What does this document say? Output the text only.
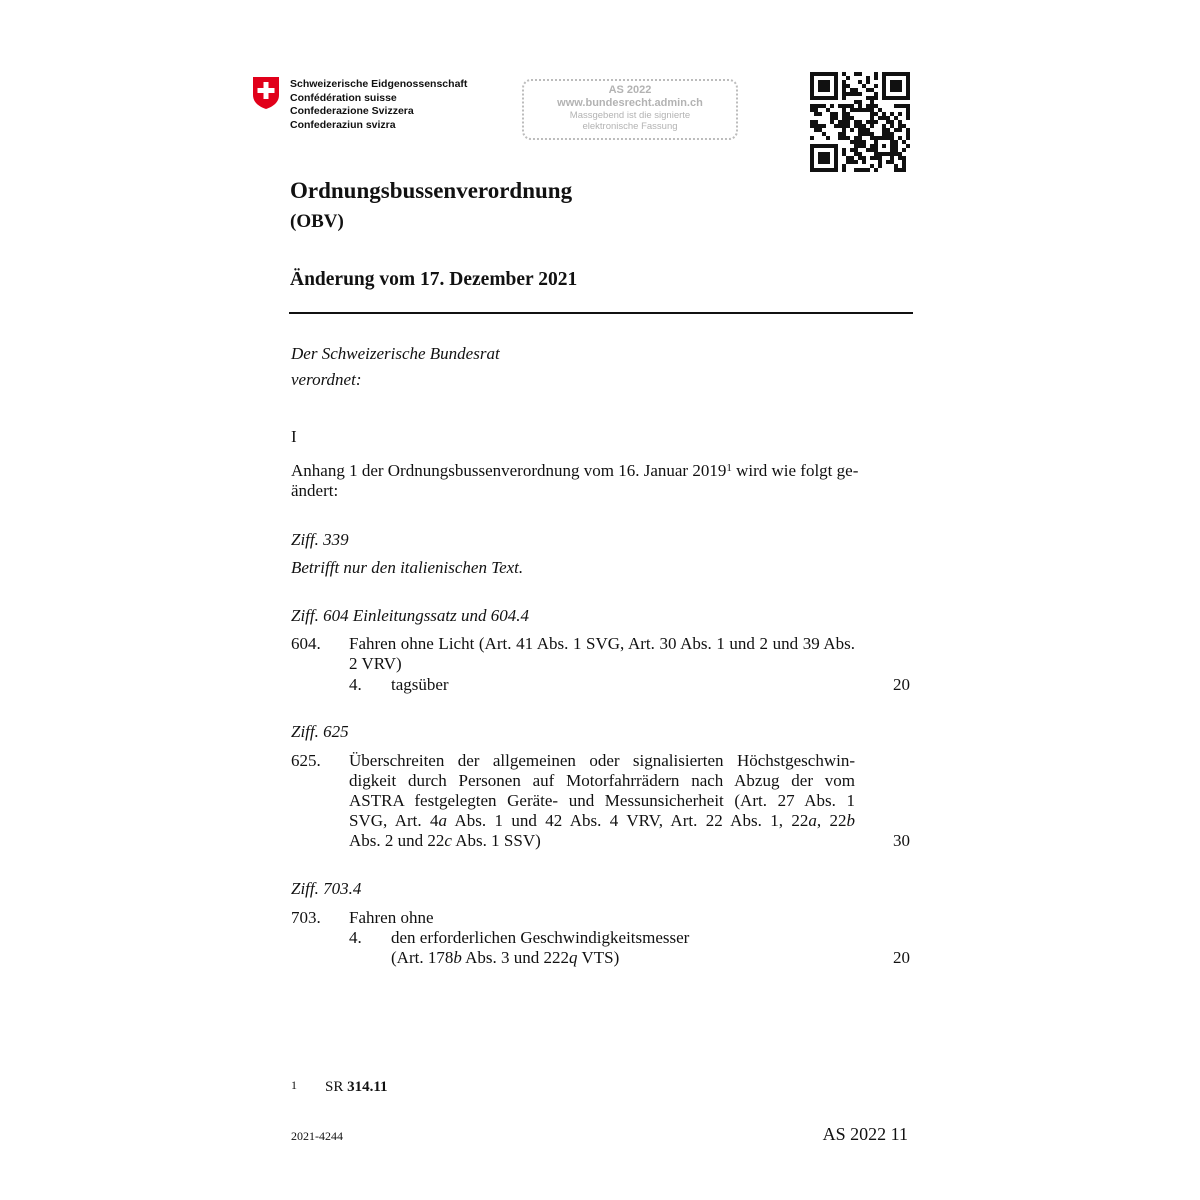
Schweizerische Eidgenossenschaft
Confédération suisse
Confederazione Svizzera
Confederaziun svizra
AS 2022
www.bundesrecht.admin.ch
Massgebend ist die signierte
elektronische Fassung
Ordnungsbussenverordnung
(OBV)
Änderung vom 17. Dezember 2021
Der Schweizerische Bundesrat
verordnet:
I
Anhang 1 der Ordnungsbussenverordnung vom 16. Januar 2019$^1$ wird wie folgt ge-
ändert:
Ziff. 339
Betrifft nur den italienischen Text.
Ziff. 604 Einleitungssatz und 604.4
604. Fahren ohne Licht (Art. 41 Abs. 1 SVG, Art. 30 Abs. 1 und 2 und 39 Abs. 2 VRV)
4. tagsüber	20
Ziff. 625
625. Überschreiten der allgemeinen oder signalisierten Höchstgeschwin-
digkeit durch Personen auf Motorfahrrädern nach Abzug der vom
ASTRA festgelegten Geräte- und Messunsicherheit (Art. 27 Abs. 1
SVG, Art. 4a Abs. 1 und 42 Abs. 4 VRV, Art. 22 Abs. 1, 22a, 22b
Abs. 2 und 22c Abs. 1 SSV)	30
Ziff. 703.4
703. Fahren ohne
4. den erforderlichen Geschwindigkeitsmesser
(Art. 178b Abs. 3 und 222q VTS)	20
1 SR 314.11
2021-4244	AS 2022 11
